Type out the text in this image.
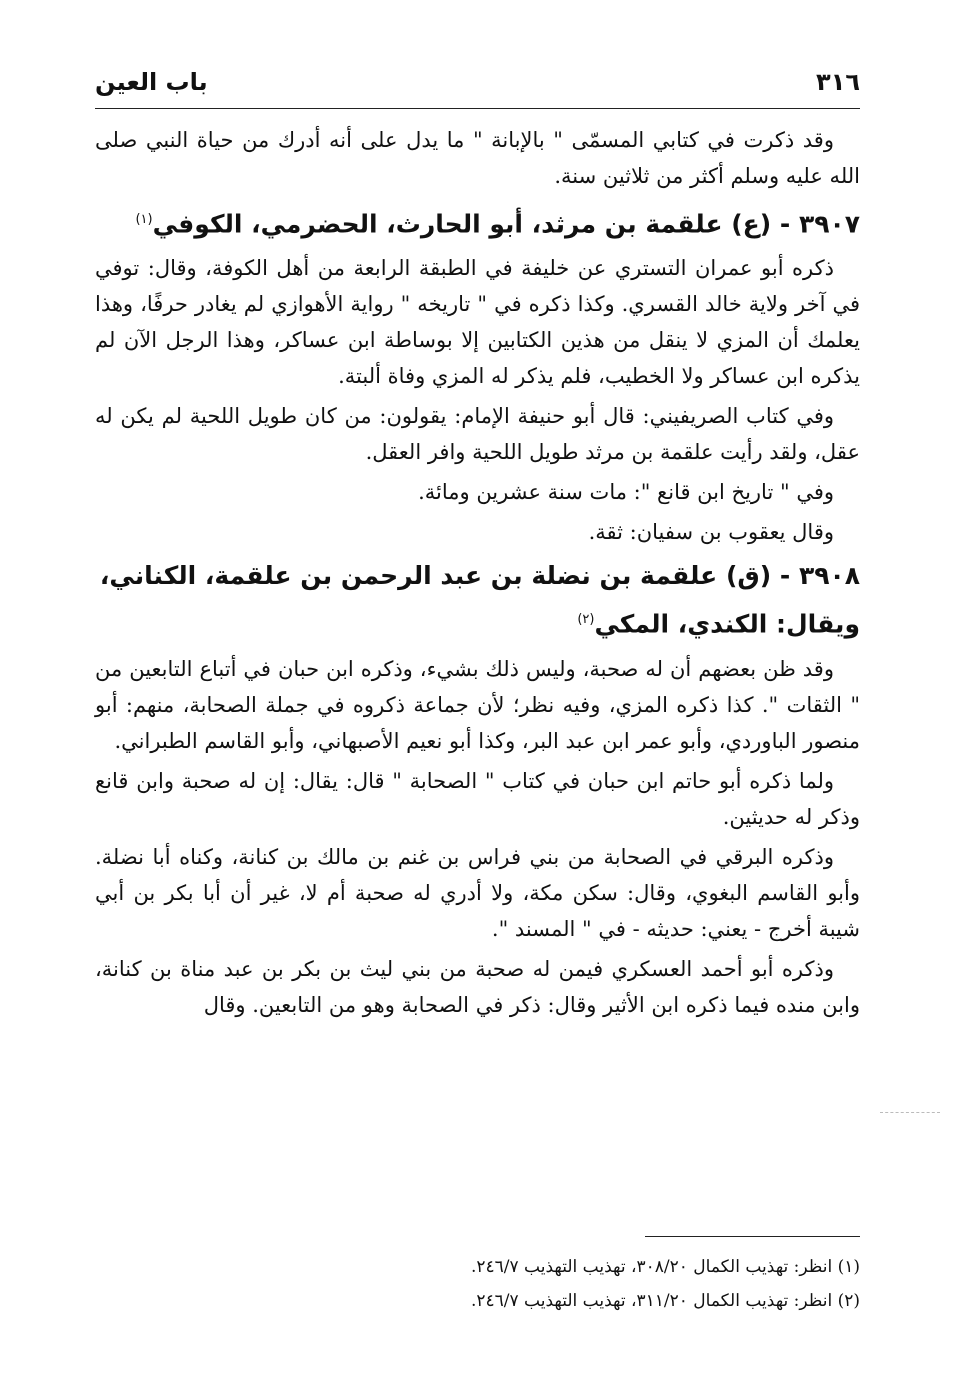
باب العين	٣١٦

وقد ذكرت في كتابي المسمّى " بالإبانة " ما يدل على أنه أدرك من حياة النبي صلى الله عليه وسلم أكثر من ثلاثين سنة.

٣٩٠٧ - (ع) علقمة بن مرثد، أبو الحارث، الحضرمي، الكوفي$^{(١)}$

ذكره أبو عمران التستري عن خليفة في الطبقة الرابعة من أهل الكوفة، وقال: توفي في آخر ولاية خالد القسري. وكذا ذكره في " تاريخه " رواية الأهوازي لم يغادر حرفًا، وهذا يعلمك أن المزي لا ينقل من هذين الكتابين إلا بوساطة ابن عساكر، وهذا الرجل الآن لم يذكره ابن عساكر ولا الخطيب، فلم يذكر له المزي وفاة ألبتة.

وفي كتاب الصريفيني: قال أبو حنيفة الإمام: يقولون: من كان طويل اللحية لم يكن له عقل، ولقد رأيت علقمة بن مرثد طويل اللحية وافر العقل.

وفي " تاريخ ابن قانع ": مات سنة عشرين ومائة.

وقال يعقوب بن سفيان: ثقة.

٣٩٠٨ - (ق) علقمة بن نضلة بن عبد الرحمن بن علقمة، الكناني، ويقال: الكندي، المكي$^{(٢)}$

وقد ظن بعضهم أن له صحبة، وليس ذلك بشيء، وذكره ابن حبان في أتباع التابعين من " الثقات ". كذا ذكره المزي، وفيه نظر؛ لأن جماعة ذكروه في جملة الصحابة، منهم: أبو منصور الباوردي، وأبو عمر ابن عبد البر، وكذا أبو نعيم الأصبهاني، وأبو القاسم الطبراني.

ولما ذكره أبو حاتم ابن حبان في كتاب " الصحابة " قال: يقال: إن له صحبة وابن قانع وذكر له حديثين.

وذكره البرقي في الصحابة من بني فراس بن غنم بن مالك بن كنانة، وكناه أبا نضلة. وأبو القاسم البغوي، وقال: سكن مكة، ولا أدري له صحبة أم لا، غير أن أبا بكر بن أبي شيبة أخرج - يعني: حديثه - في " المسند ".

وذكره أبو أحمد العسكري فيمن له صحبة من بني ليث بن بكر بن عبد مناة بن كنانة، وابن منده فيما ذكره ابن الأثير وقال: ذكر في الصحابة وهو من التابعين. وقال

(١) انظر: تهذيب الكمال ٣٠٨/٢٠، تهذيب التهذيب ٢٤٦/٧.
(٢) انظر: تهذيب الكمال ٣١١/٢٠، تهذيب التهذيب ٢٤٦/٧.
